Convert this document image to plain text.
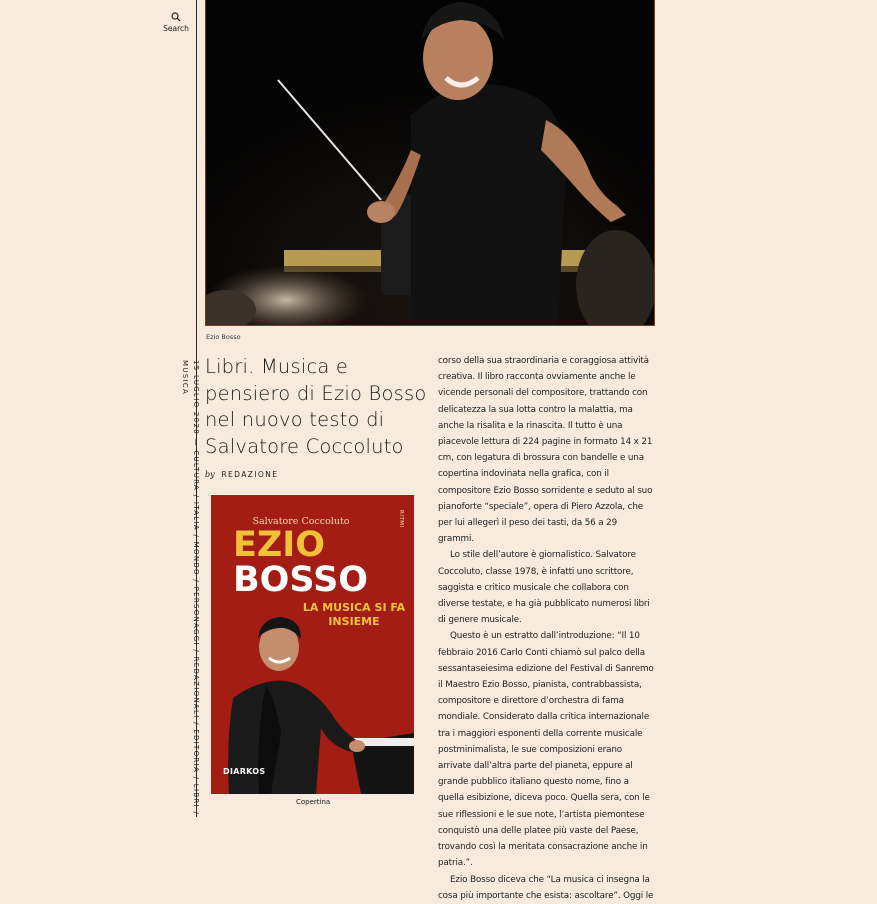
Search
15 LUGLIO 2020 — CULTURA / ITALIA / MONDO / PERSONAGGI / REDAZIONALI / EDITORIA / LIBRI / MUSICA
Ezio Bosso
Libri. Musica e pensiero di Ezio Bosso nel nuovo testo di Salvatore Coccoluto
by REDAZIONE
Salvatore Coccoluto	RITMI
EZIO
BOSSO
LA MUSICA SI FA INSIEME
DIARKOS
Copertina

corso della sua straordinaria e coraggiosa attività creativa. Il libro racconta ovviamente anche le vicende personali del compositore, trattando con delicatezza la sua lotta contro la malattia, ma anche la risalita e la rinascita. Il tutto è una piacevole lettura di 224 pagine in formato 14 x 21 cm, con legatura di brossura con bandelle e una copertina indovinata nella grafica, con il compositore Ezio Bosso sorridente e seduto al suo pianoforte “speciale”, opera di Piero Azzola, che per lui allegerì il peso dei tasti, da 56 a 29 grammi.

Lo stile dell’autore è giornalistico. Salvatore Coccoluto, classe 1978, è infatti uno scrittore, saggista e critico musicale che collabora con diverse testate, e ha già pubblicato numerosi libri di genere musicale.

Questo è un estratto dall’introduzione: “Il 10 febbraio 2016 Carlo Conti chiamò sul palco della sessantaseiesima edizione del Festival di Sanremo il Maestro Ezio Bosso, pianista, contrabbassista, compositore e direttore d’orchestra di fama mondiale. Considerato dalla critica internazionale tra i maggiori esponenti della corrente musicale postminimalista, le sue composizioni erano arrivate dall’altra parte del pianeta, eppure al grande pubblico italiano questo nome, fino a quella esibizione, diceva poco. Quella sera, con le sue riflessioni e le sue note, l’artista piemontese conquistò una delle platee più vaste del Paese, trovando così la meritata consacrazione anche in patria.”.

Ezio Bosso diceva che “La musica ci insegna la cosa più importante che esista: ascoltare”. Oggi le
